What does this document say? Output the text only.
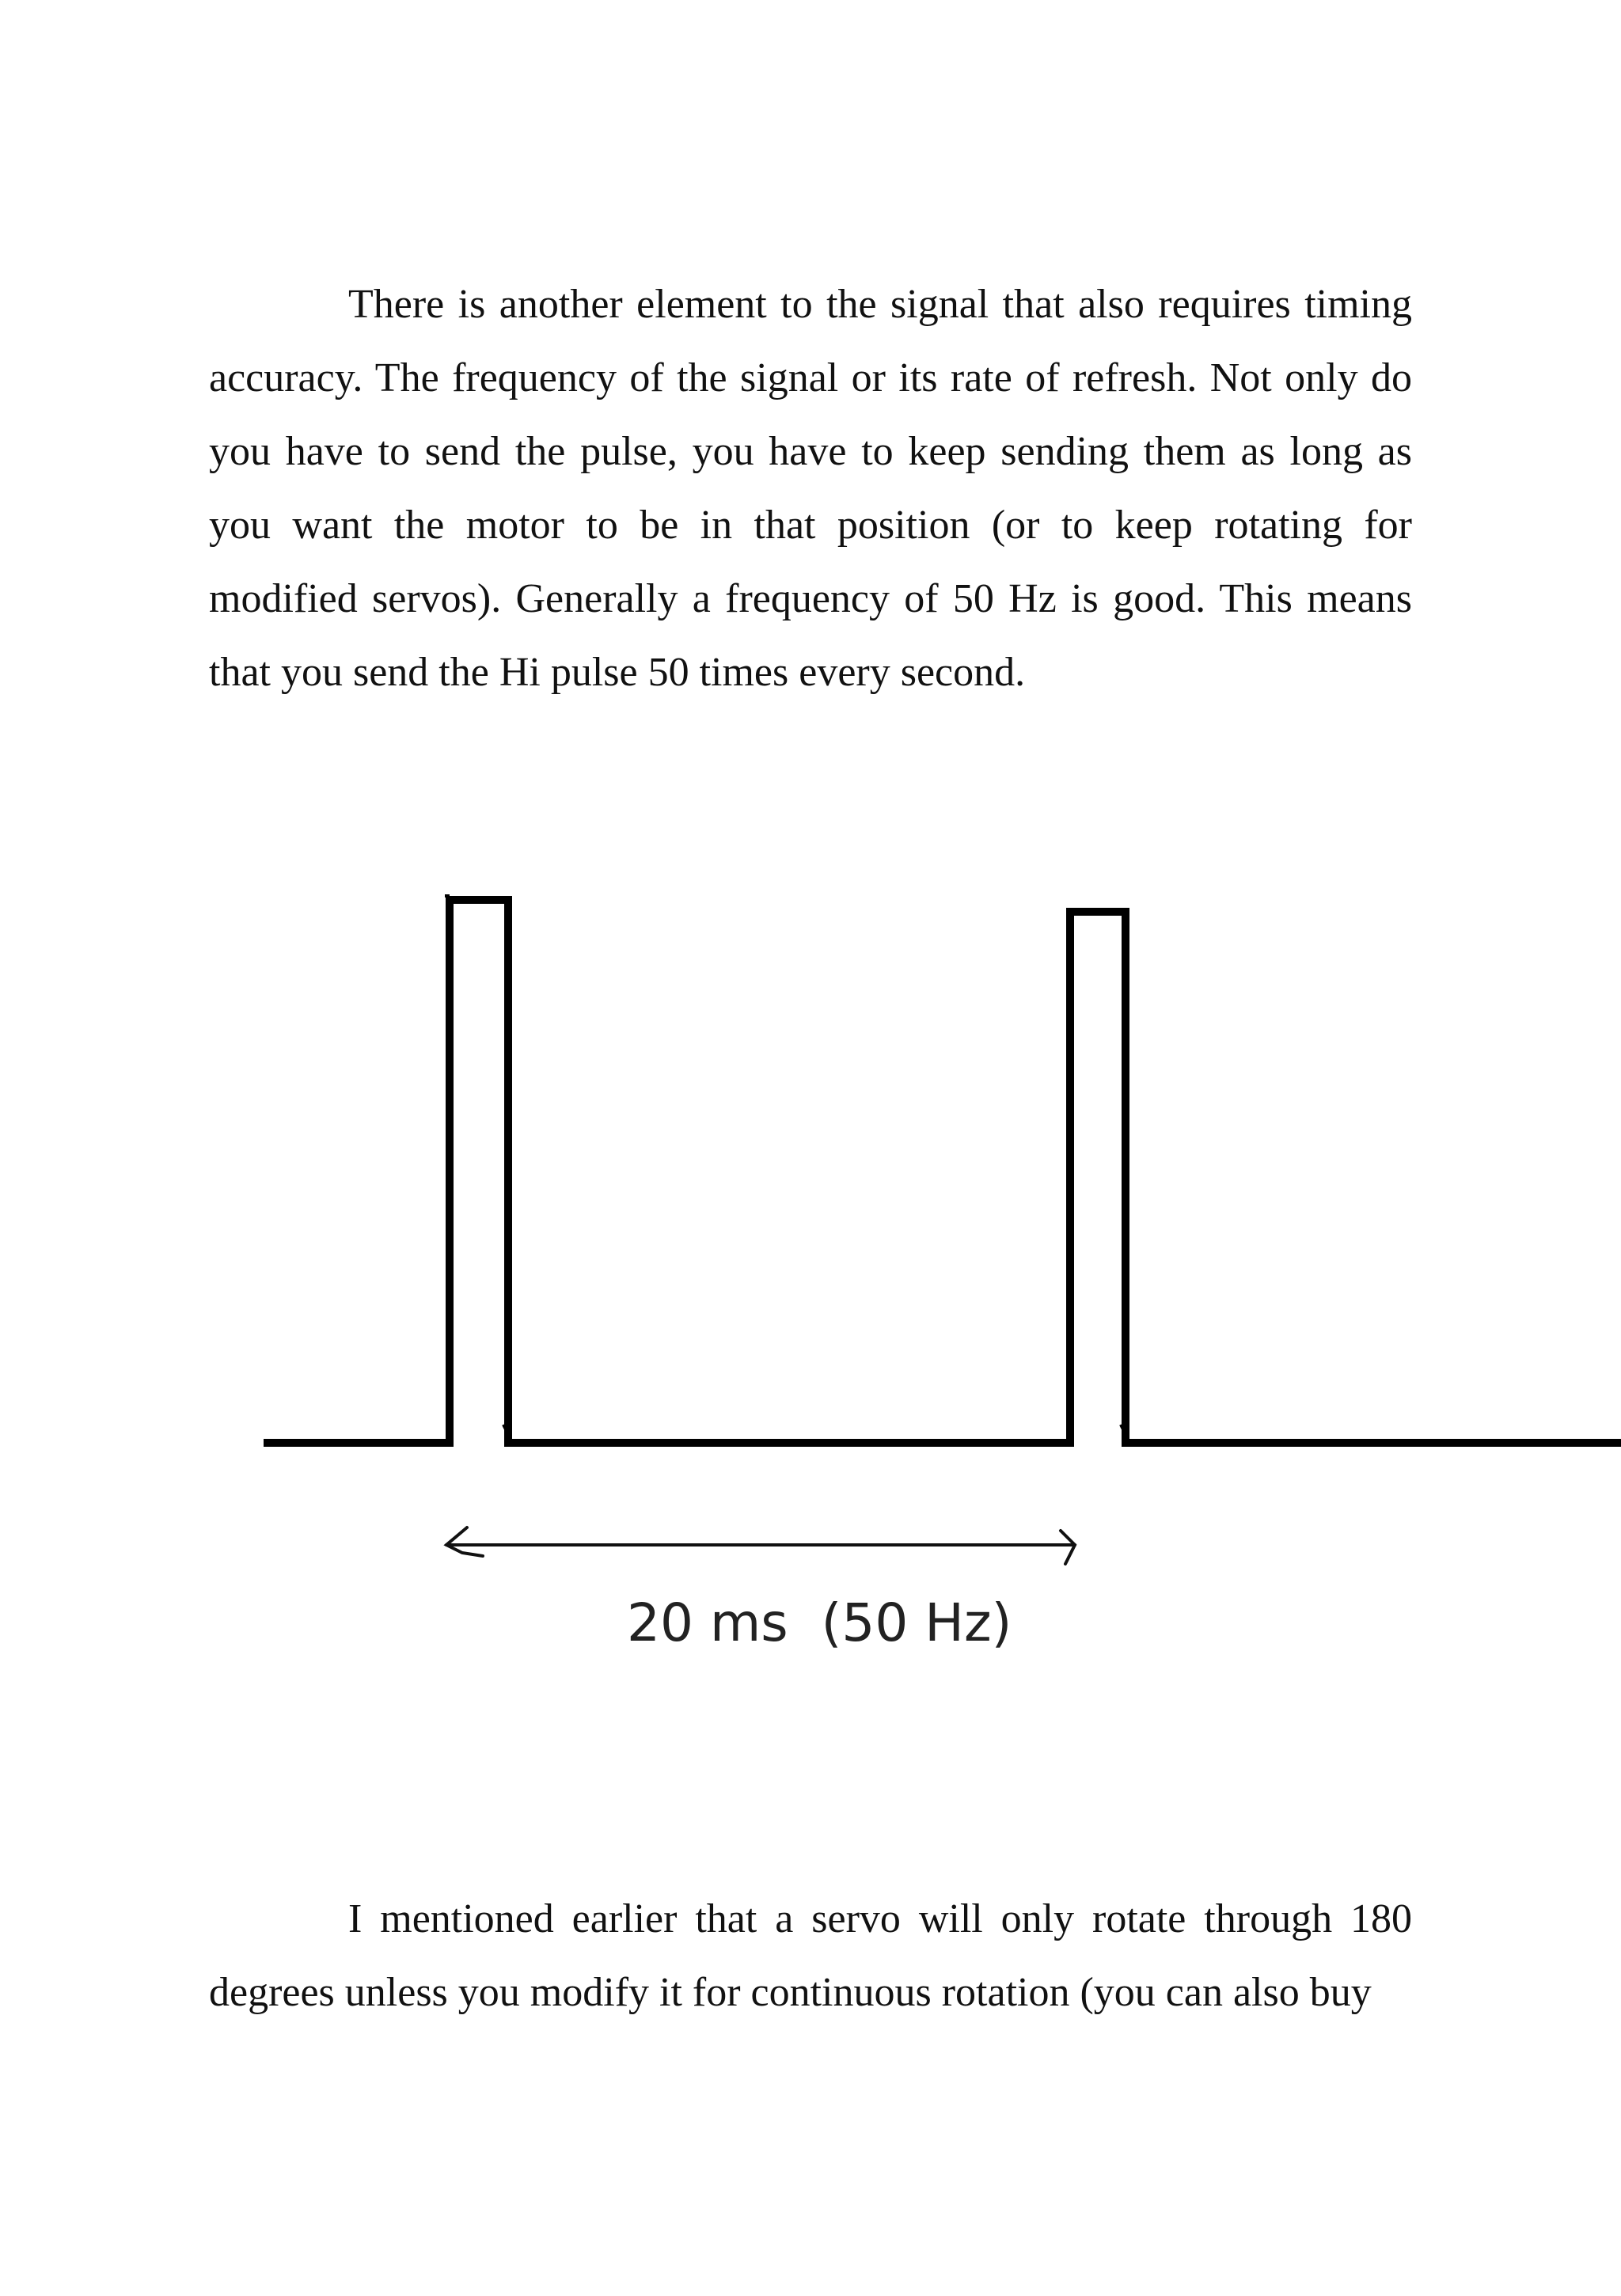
There is another element to the signal that also requires timing accuracy. The frequency of the signal or its rate of refresh. Not only do you have to send the pulse, you have to keep sending them as long as you want the motor to be in that position (or to keep rotating for modified servos). Generally a frequency of 50 Hz is good. This means that you send the Hi pulse 50 times every second.

20 ms  (50 Hz)

I mentioned earlier that a servo will only rotate through 180 degrees unless you modify it for continuous rotation (you can also buy
